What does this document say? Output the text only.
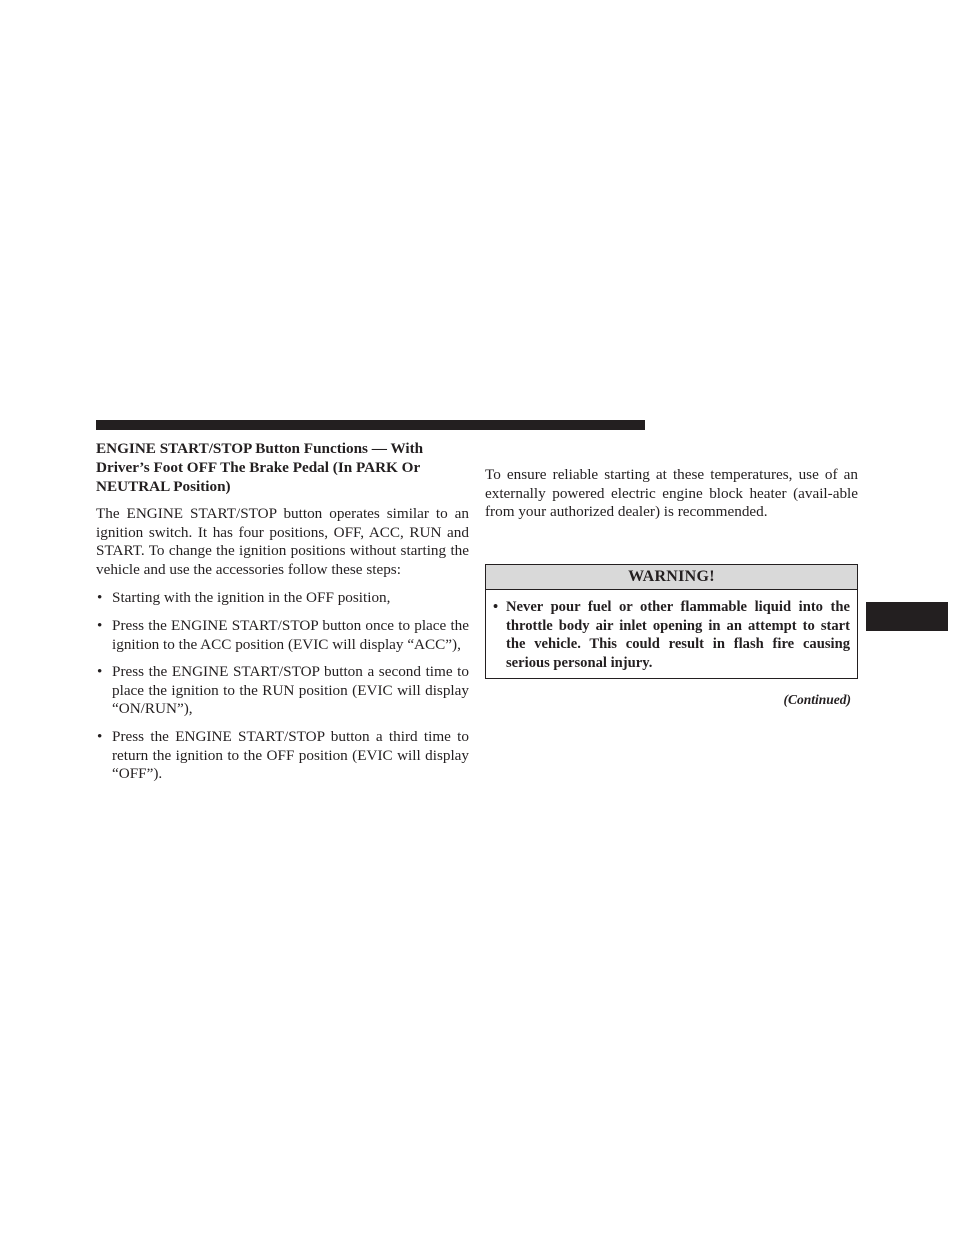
ENGINE START/STOP Button Functions — With Driver’s Foot OFF The Brake Pedal (In PARK Or NEUTRAL Position)

The ENGINE START/STOP button operates similar to an ignition switch. It has four positions, OFF, ACC, RUN and START. To change the ignition positions without starting the vehicle and use the accessories follow these steps:

• Starting with the ignition in the OFF position,
• Press the ENGINE START/STOP button once to place the ignition to the ACC position (EVIC will display “ACC”),
• Press the ENGINE START/STOP button a second time to place the ignition to the RUN position (EVIC will display “ON/RUN”),
• Press the ENGINE START/STOP button a third time to return the ignition to the OFF position (EVIC will display “OFF”).

To ensure reliable starting at these temperatures, use of an externally powered electric engine block heater (avail-able from your authorized dealer) is recommended.

WARNING!
• Never pour fuel or other flammable liquid into the throttle body air inlet opening in an attempt to start the vehicle. This could result in flash fire causing serious personal injury.
(Continued)
